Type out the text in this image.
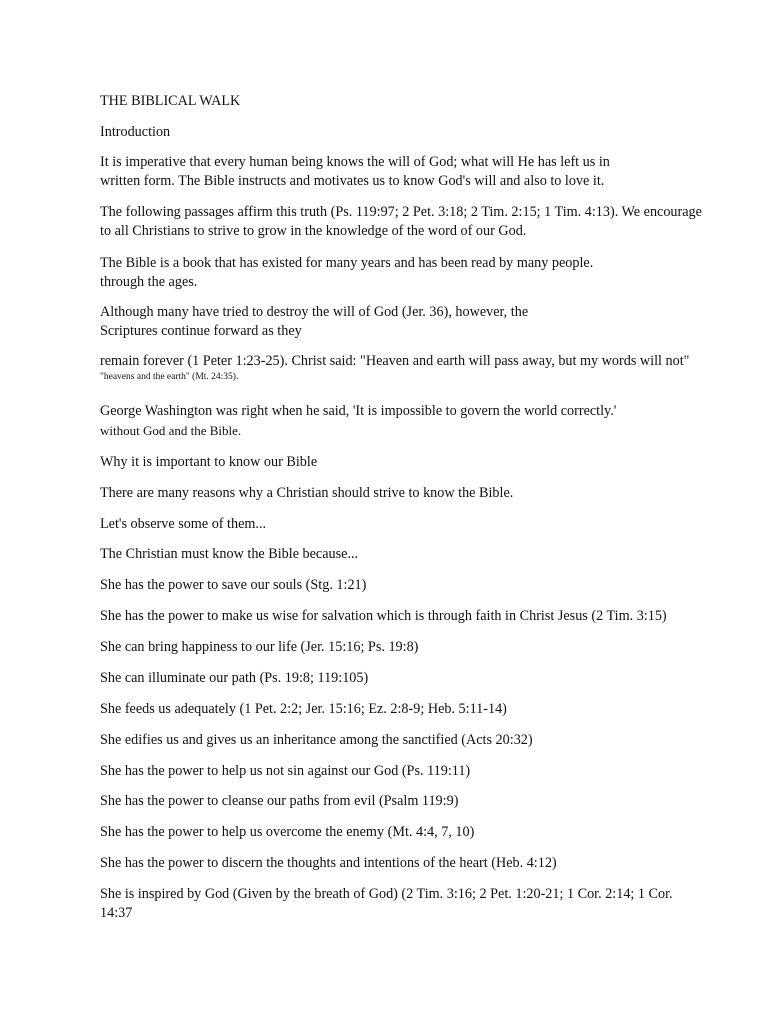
THE BIBLICAL WALK

Introduction

It is imperative that every human being knows the will of God; what will He has left us in
written form. The Bible instructs and motivates us to know God's will and also to love it.

The following passages affirm this truth (Ps. 119:97; 2 Pet. 3:18; 2 Tim. 2:15; 1 Tim. 4:13). We encourage
to all Christians to strive to grow in the knowledge of the word of our God.

The Bible is a book that has existed for many years and has been read by many people.
through the ages.

Although many have tried to destroy the will of God (Jer. 36), however, the
Scriptures continue forward as they

remain forever (1 Peter 1:23-25). Christ said: "Heaven and earth will pass away, but my words will not"
"heavens and the earth" (Mt. 24:35).

George Washington was right when he said, 'It is impossible to govern the world correctly.'
without God and the Bible.

Why it is important to know our Bible

There are many reasons why a Christian should strive to know the Bible.

Let's observe some of them...

The Christian must know the Bible because...

She has the power to save our souls (Stg. 1:21)

She has the power to make us wise for salvation which is through faith in Christ Jesus (2 Tim. 3:15)

She can bring happiness to our life (Jer. 15:16; Ps. 19:8)

She can illuminate our path (Ps. 19:8; 119:105)

She feeds us adequately (1 Pet. 2:2; Jer. 15:16; Ez. 2:8-9; Heb. 5:11-14)

She edifies us and gives us an inheritance among the sanctified (Acts 20:32)

She has the power to help us not sin against our God (Ps. 119:11)

She has the power to cleanse our paths from evil (Psalm 119:9)

She has the power to help us overcome the enemy (Mt. 4:4, 7, 10)

She has the power to discern the thoughts and intentions of the heart (Heb. 4:12)

She is inspired by God (Given by the breath of God) (2 Tim. 3:16; 2 Pet. 1:20-21; 1 Cor. 2:14; 1 Cor.
14:37
